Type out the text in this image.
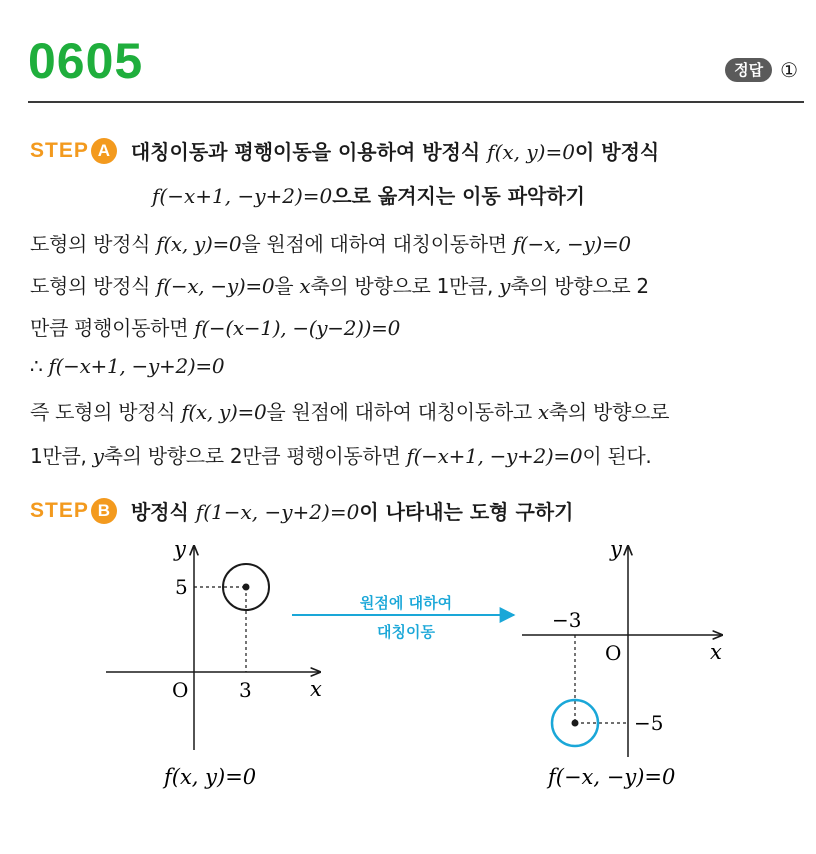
0605	정답 ①
STEP A	대칭이동과 평행이동을 이용하여 방정식 f(x, y)=0이 방정식
f(−x+1, −y+2)=0으로 옮겨지는 이동 파악하기
도형의 방정식 f(x, y)=0을 원점에 대하여 대칭이동하면 f(−x, −y)=0
도형의 방정식 f(−x, −y)=0을 x축의 방향으로 1만큼, y축의 방향으로 2
만큼 평행이동하면 f(−(x−1), −(y−2))=0
∴ f(−x+1, −y+2)=0
즉 도형의 방정식 f(x, y)=0을 원점에 대하여 대칭이동하고 x축의 방향으로
1만큼, y축의 방향으로 2만큼 평행이동하면 f(−x+1, −y+2)=0이 된다.
STEP B	방정식 f(1−x, −y+2)=0이 나타내는 도형 구하기
y
x
O
5
3
f(x, y)=0
원점에 대하여
대칭이동
y
x
O
−3
−5
f(−x, −y)=0
